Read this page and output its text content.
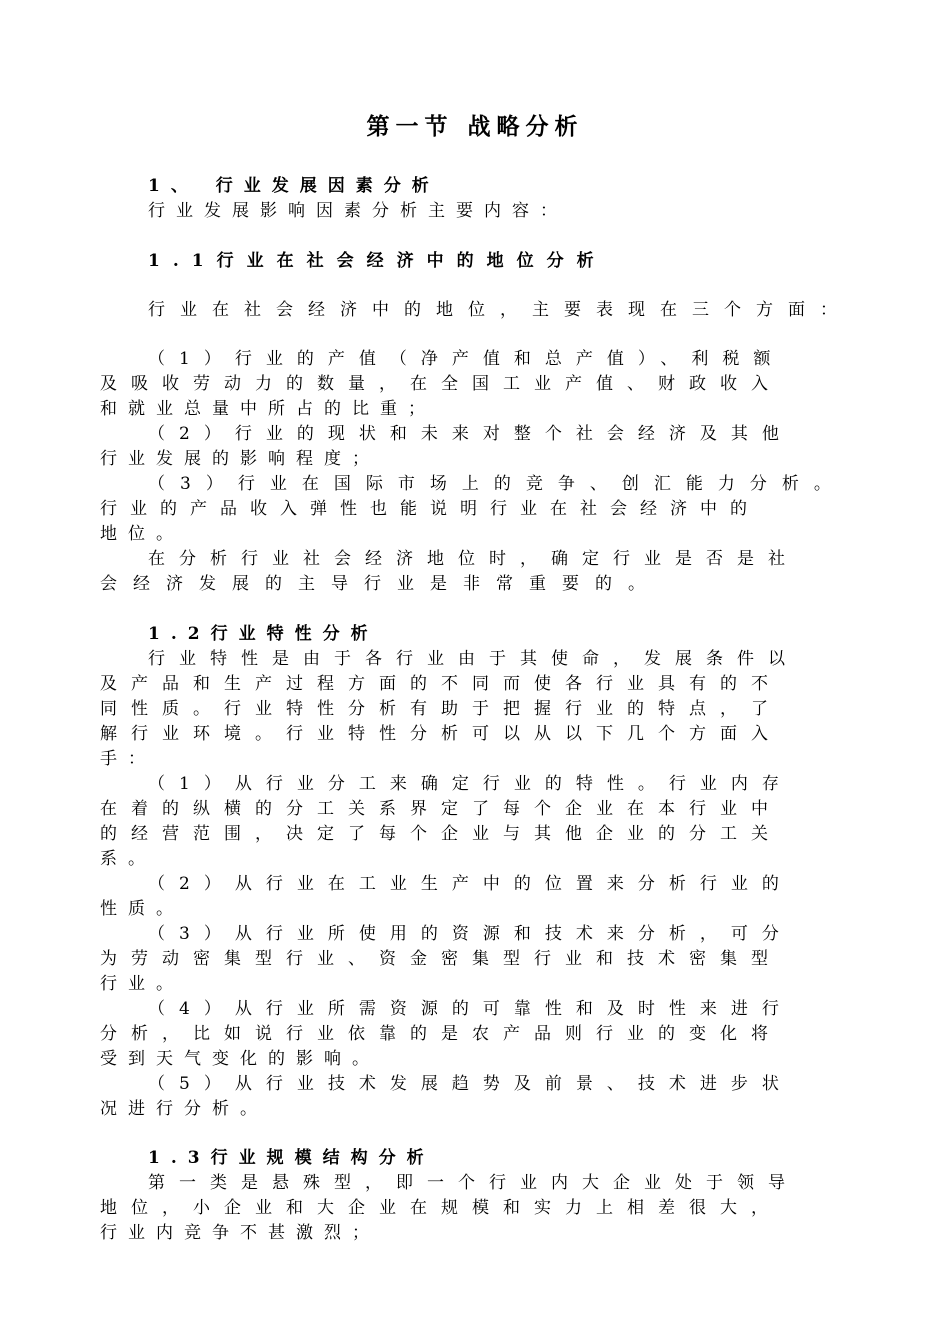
第一节 战略分析
1、 行业发展因素分析
行业发展影响因素分析主要内容：
1.1行业在社会经济中的地位分析
行业在社会经济中的地位，主要表现在三个方面：
（1）行业的产值（净产值和总产值）、利税额
及吸收劳动力的数量，在全国工业产值、财政收入
和就业总量中所占的比重；
（2）行业的现状和未来对整个社会经济及其他
行业发展的影响程度；
（3）行业在国际市场上的竞争、创汇能力分析。
行业的产品收入弹性也能说明行业在社会经济中的
地位。
在分析行业社会经济地位时，确定行业是否是社
会经济发展的主导行业是非常重要的。
1.2行业特性分析
行业特性是由于各行业由于其使命，发展条件以
及产品和生产过程方面的不同而使各行业具有的不
同性质。行业特性分析有助于把握行业的特点，了
解行业环境。行业特性分析可以从以下几个方面入
手：
（1）从行业分工来确定行业的特性。行业内存
在着的纵横的分工关系界定了每个企业在本行业中
的经营范围，决定了每个企业与其他企业的分工关
系。
（2）从行业在工业生产中的位置来分析行业的
性质。
（3）从行业所使用的资源和技术来分析，可分
为劳动密集型行业、资金密集型行业和技术密集型
行业。
（4）从行业所需资源的可靠性和及时性来进行
分析，比如说行业依靠的是农产品则行业的变化将
受到天气变化的影响。
（5）从行业技术发展趋势及前景、技术进步状
况进行分析。
1.3行业规模结构分析
第一类是悬殊型，即一个行业内大企业处于领导
地位，小企业和大企业在规模和实力上相差很大，
行业内竞争不甚激烈；
